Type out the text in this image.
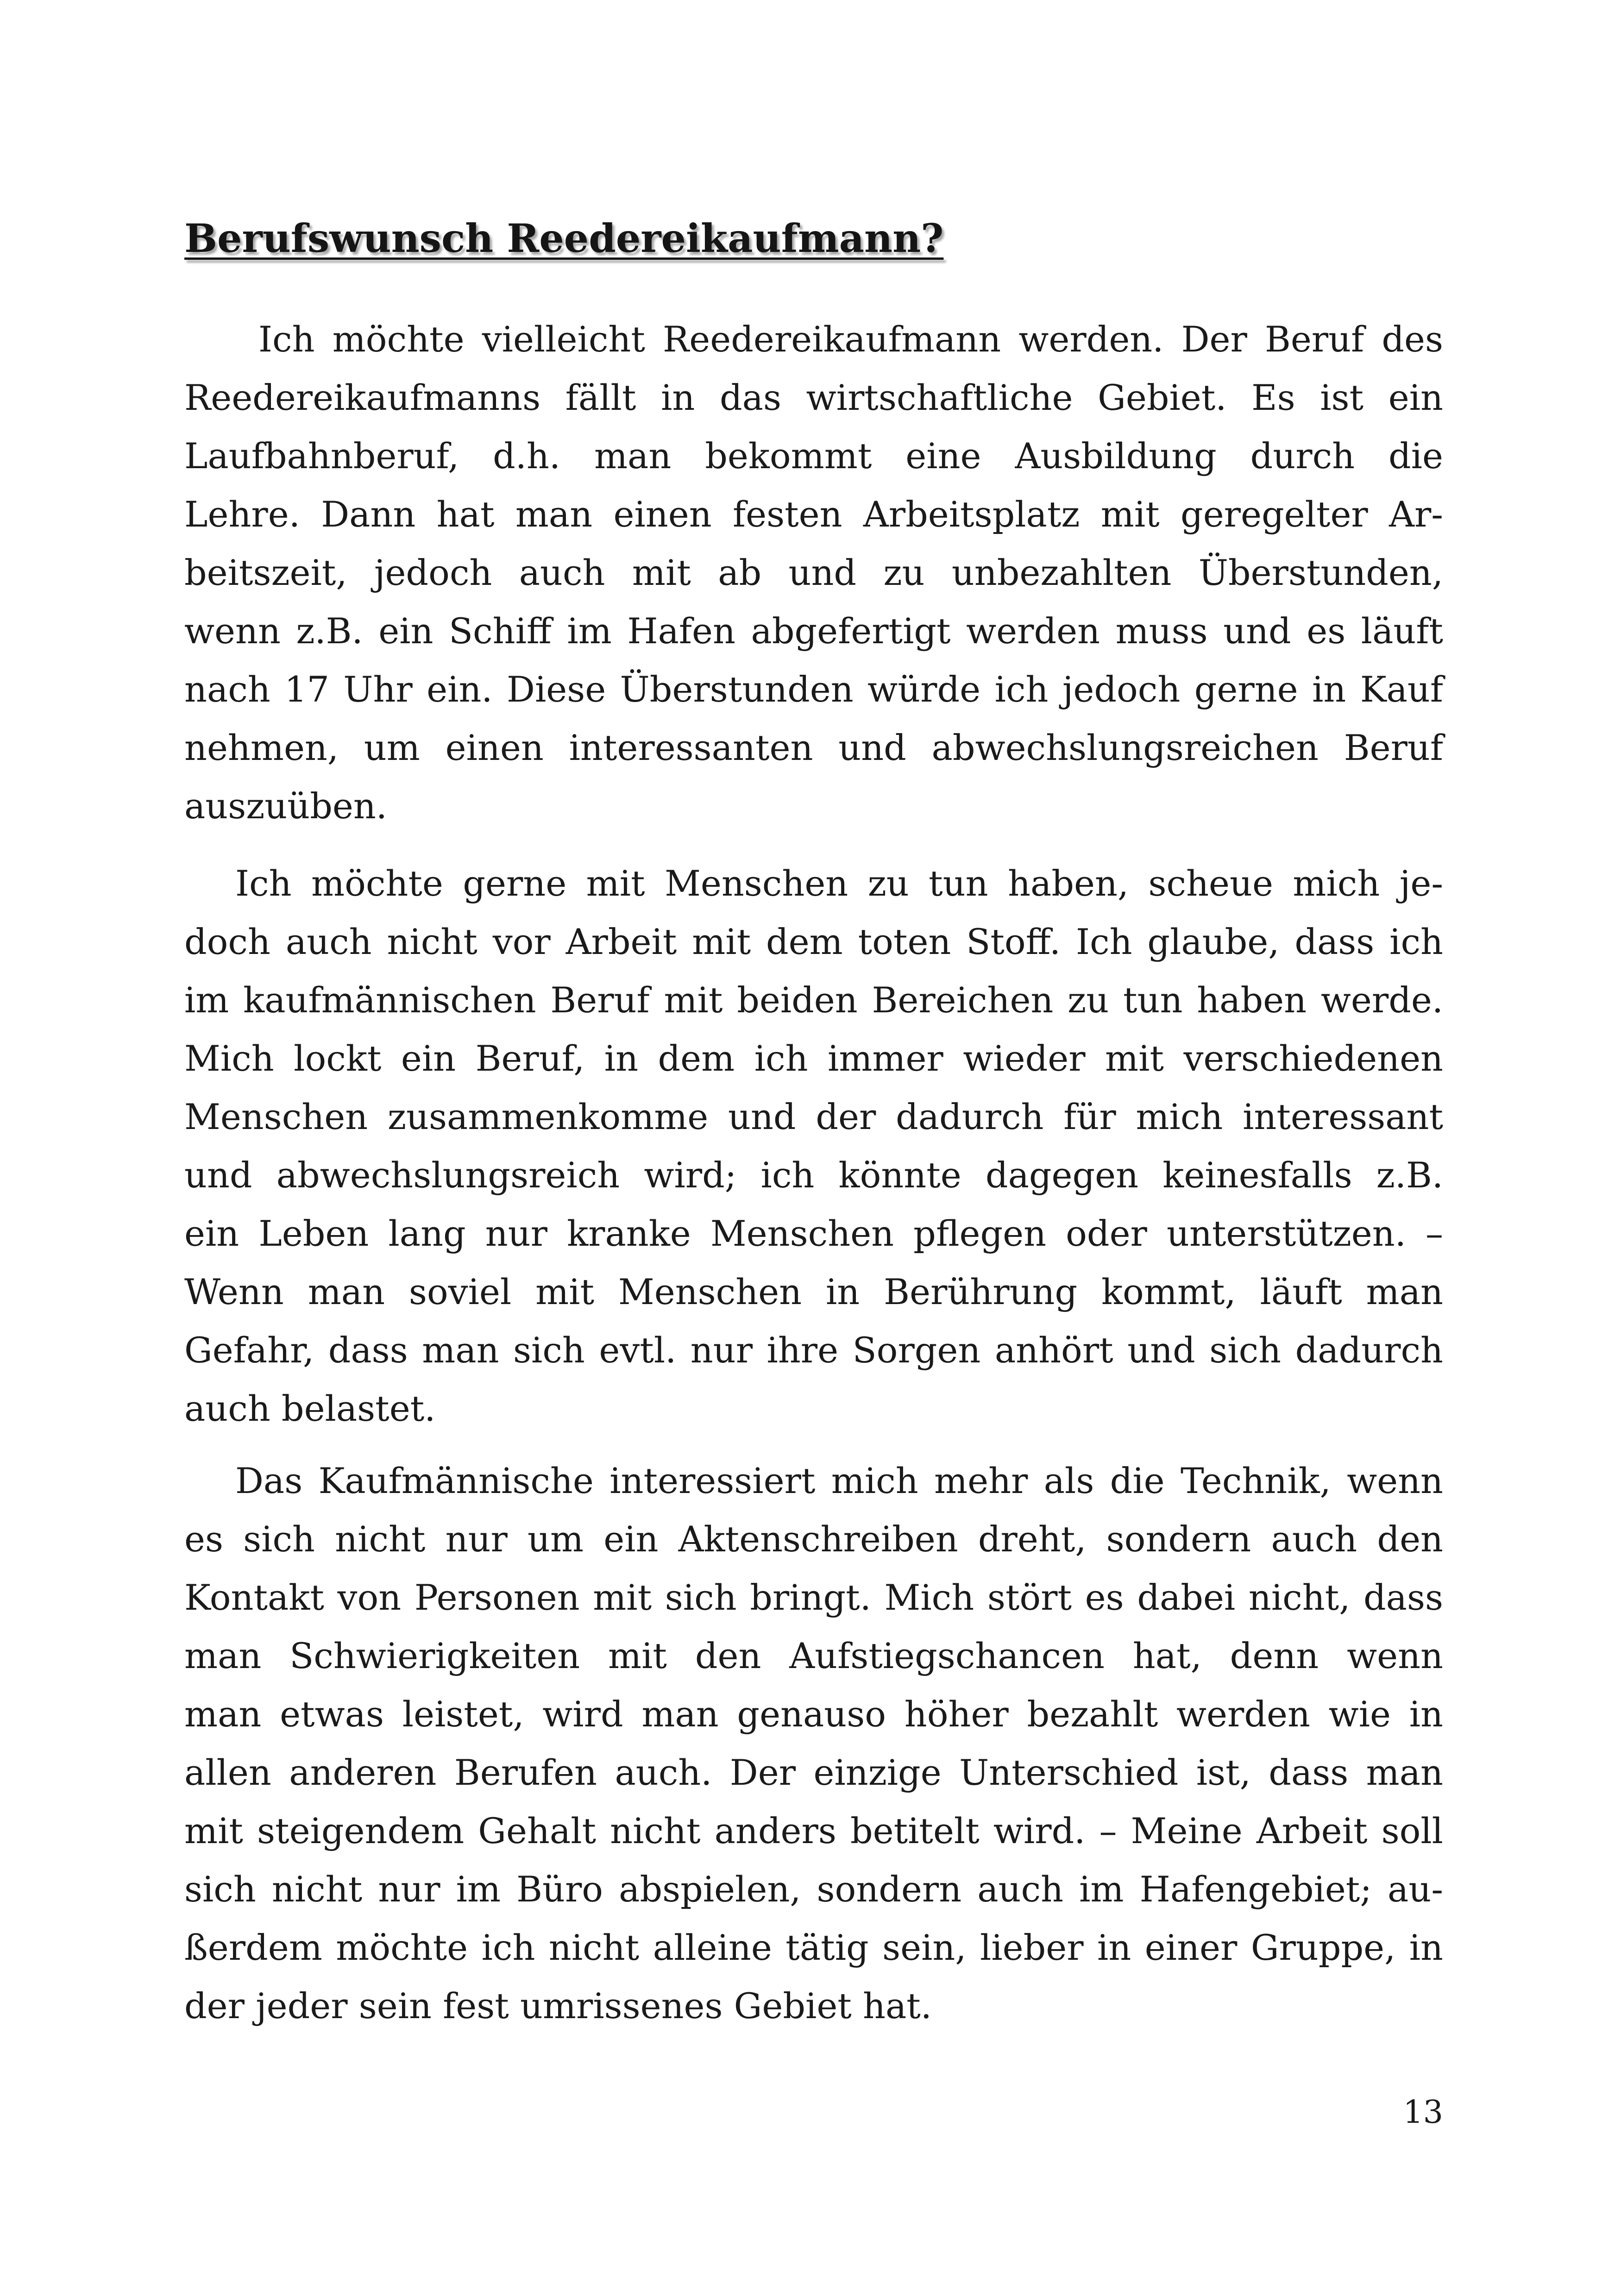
Berufswunsch Reedereikaufmann?
Ich möchte vielleicht Reedereikaufmann werden. Der Beruf des
Reedereikaufmanns fällt in das wirtschaftliche Gebiet. Es ist ein
Laufbahnberuf, d.h. man bekommt eine Ausbildung durch die
Lehre. Dann hat man einen festen Arbeitsplatz mit geregelter Ar-
beitszeit, jedoch auch mit ab und zu unbezahlten Überstunden,
wenn z.B. ein Schiff im Hafen abgefertigt werden muss und es läuft
nach 17 Uhr ein. Diese Überstunden würde ich jedoch gerne in Kauf
nehmen, um einen interessanten und abwechslungsreichen Beruf
auszuüben.
Ich möchte gerne mit Menschen zu tun haben, scheue mich je-
doch auch nicht vor Arbeit mit dem toten Stoff. Ich glaube, dass ich
im kaufmännischen Beruf mit beiden Bereichen zu tun haben werde.
Mich lockt ein Beruf, in dem ich immer wieder mit verschiedenen
Menschen zusammenkomme und der dadurch für mich interessant
und abwechslungsreich wird; ich könnte dagegen keinesfalls z.B.
ein Leben lang nur kranke Menschen pflegen oder unterstützen. –
Wenn man soviel mit Menschen in Berührung kommt, läuft man
Gefahr, dass man sich evtl. nur ihre Sorgen anhört und sich dadurch
auch belastet.
Das Kaufmännische interessiert mich mehr als die Technik, wenn
es sich nicht nur um ein Aktenschreiben dreht, sondern auch den
Kontakt von Personen mit sich bringt. Mich stört es dabei nicht, dass
man Schwierigkeiten mit den Aufstiegschancen hat, denn wenn
man etwas leistet, wird man genauso höher bezahlt werden wie in
allen anderen Berufen auch. Der einzige Unterschied ist, dass man
mit steigendem Gehalt nicht anders betitelt wird. – Meine Arbeit soll
sich nicht nur im Büro abspielen, sondern auch im Hafengebiet; au-
ßerdem möchte ich nicht alleine tätig sein, lieber in einer Gruppe, in
der jeder sein fest umrissenes Gebiet hat.
13
